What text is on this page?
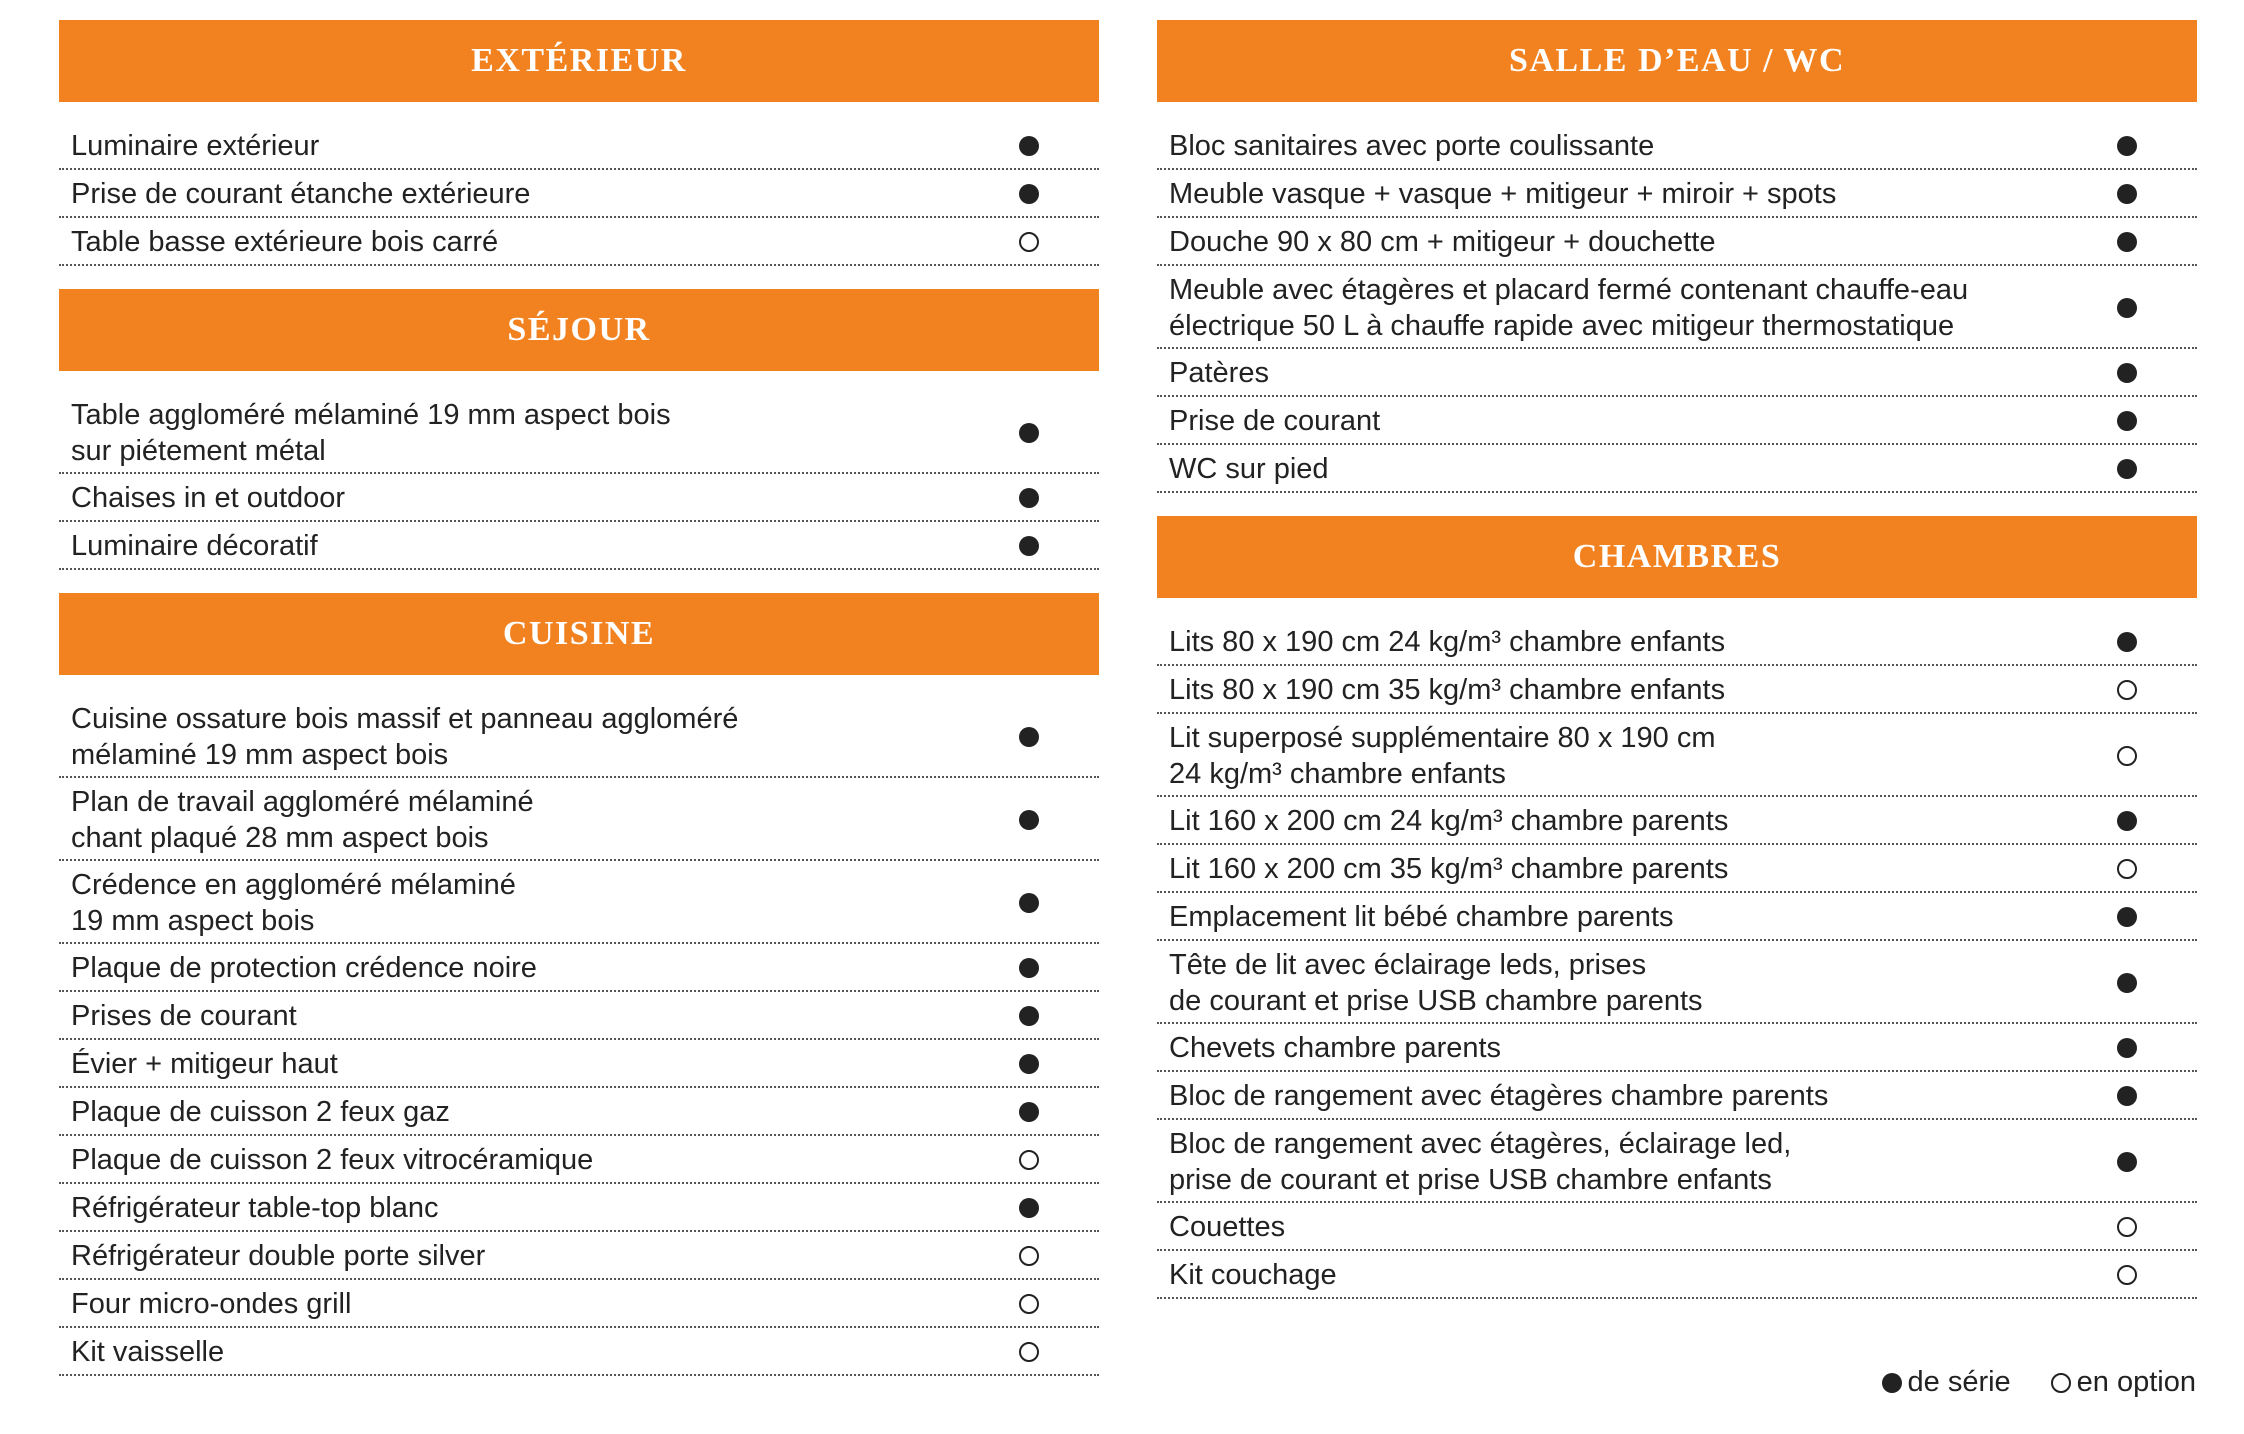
EXTÉRIEUR
Luminaire extérieur
Prise de courant étanche extérieure
Table basse extérieure bois carré
SÉJOUR
Table aggloméré mélaminé 19 mm aspect bois
sur piétement métal
Chaises in et outdoor
Luminaire décoratif
CUISINE
Cuisine ossature bois massif et panneau aggloméré
mélaminé 19 mm aspect bois
Plan de travail aggloméré mélaminé
chant plaqué 28 mm aspect bois
Crédence en aggloméré mélaminé
19 mm aspect bois
Plaque de protection crédence noire
Prises de courant
Évier + mitigeur haut
Plaque de cuisson 2 feux gaz
Plaque de cuisson 2 feux vitrocéramique
Réfrigérateur table-top blanc
Réfrigérateur double porte silver
Four micro-ondes grill
Kit vaisselle
SALLE D’EAU / WC
Bloc sanitaires avec porte coulissante
Meuble vasque + vasque + mitigeur + miroir + spots
Douche 90 x 80 cm + mitigeur + douchette
Meuble avec étagères et placard fermé contenant chauffe-eau
électrique 50 L à chauffe rapide avec mitigeur thermostatique
Patères
Prise de courant
WC sur pied
CHAMBRES
Lits 80 x 190 cm 24 kg/m³ chambre enfants
Lits 80 x 190 cm 35 kg/m³ chambre enfants
Lit superposé supplémentaire 80 x 190 cm
24 kg/m³ chambre enfants
Lit 160 x 200 cm 24 kg/m³ chambre parents
Lit 160 x 200 cm 35 kg/m³ chambre parents
Emplacement lit bébé chambre parents
Tête de lit avec éclairage leds, prises
de courant et prise USB chambre parents
Chevets chambre parents
Bloc de rangement avec étagères chambre parents
Bloc de rangement avec étagères, éclairage led,
prise de courant et prise USB chambre enfants
Couettes
Kit couchage
de série en option
